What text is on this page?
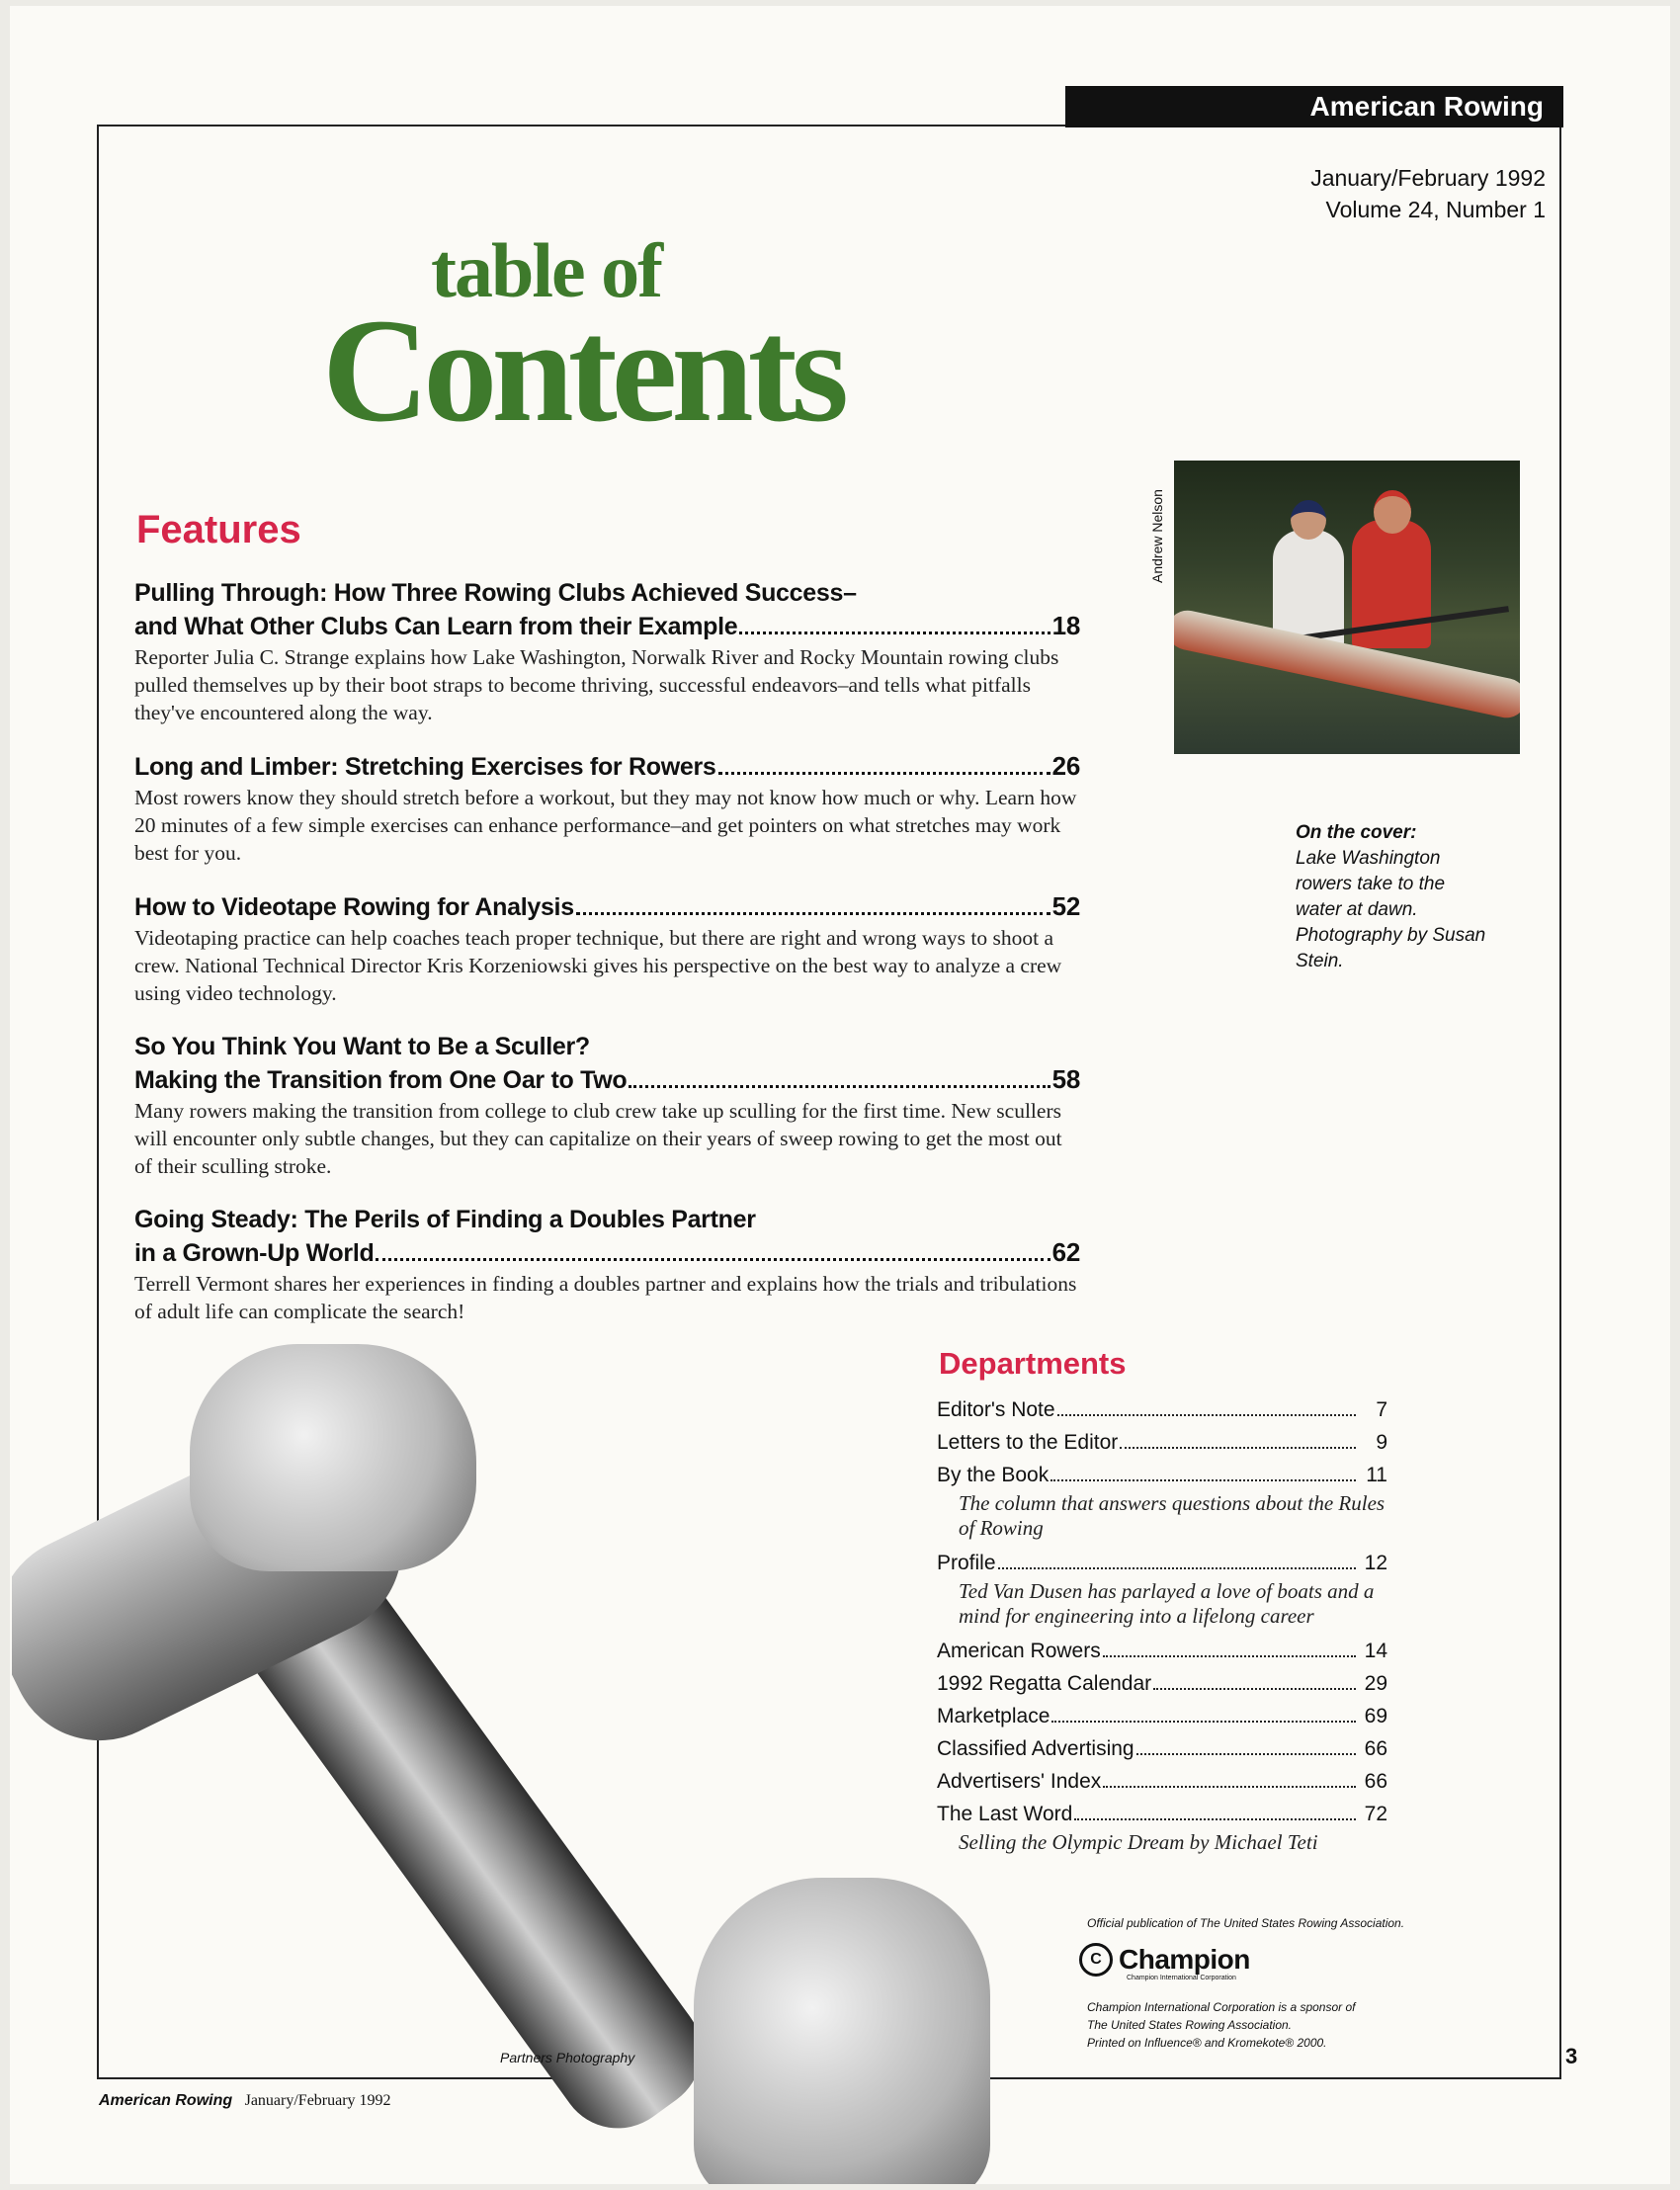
American Rowing
January/February 1992
Volume 24, Number 1
table of
Contents
Andrew Nelson
On the cover:
Lake Washington rowers take to the water at dawn. Photography by Susan Stein.
Features
Pulling Through: How Three Rowing Clubs Achieved Success–
and What Other Clubs Can Learn from their Example	18
Reporter Julia C. Strange explains how Lake Washington, Norwalk River and Rocky Mountain rowing clubs pulled themselves up by their boot straps to become thriving, successful endeavors–and tells what pitfalls they've encountered along the way.
Long and Limber: Stretching Exercises for Rowers	26
Most rowers know they should stretch before a workout, but they may not know how much or why. Learn how 20 minutes of a few simple exercises can enhance performance–and get pointers on what stretches may work best for you.
How to Videotape Rowing for Analysis	52
Videotaping practice can help coaches teach proper technique, but there are right and wrong ways to shoot a crew. National Technical Director Kris Korzeniowski gives his perspective on the best way to analyze a crew using video technology.
So You Think You Want to Be a Sculler?
Making the Transition from One Oar to Two	58
Many rowers making the transition from college to club crew take up sculling for the first time. New scullers will encounter only subtle changes, but they can capitalize on their years of sweep rowing to get the most out of their sculling stroke.
Going Steady: The Perils of Finding a Doubles Partner
in a Grown-Up World	62
Terrell Vermont shares her experiences in finding a doubles partner and explains how the trials and tribulations of adult life can complicate the search!
Partners Photography
Departments
Editor's Note	7
Letters to the Editor	9
By the Book	11
The column that answers questions about the Rules of Rowing
Profile	12
Ted Van Dusen has parlayed a love of boats and a mind for engineering into a lifelong career
American Rowers	14
1992 Regatta Calendar	29
Marketplace	69
Classified Advertising	66
Advertisers' Index	66
The Last Word	72
Selling the Olympic Dream by Michael Teti
Official publication of The United States Rowing Association.
C Champion
Champion International Corporation
Champion International Corporation is a sponsor of
The United States Rowing Association.
Printed on Influence® and Kromekote® 2000.
3
American Rowing January/February 1992
